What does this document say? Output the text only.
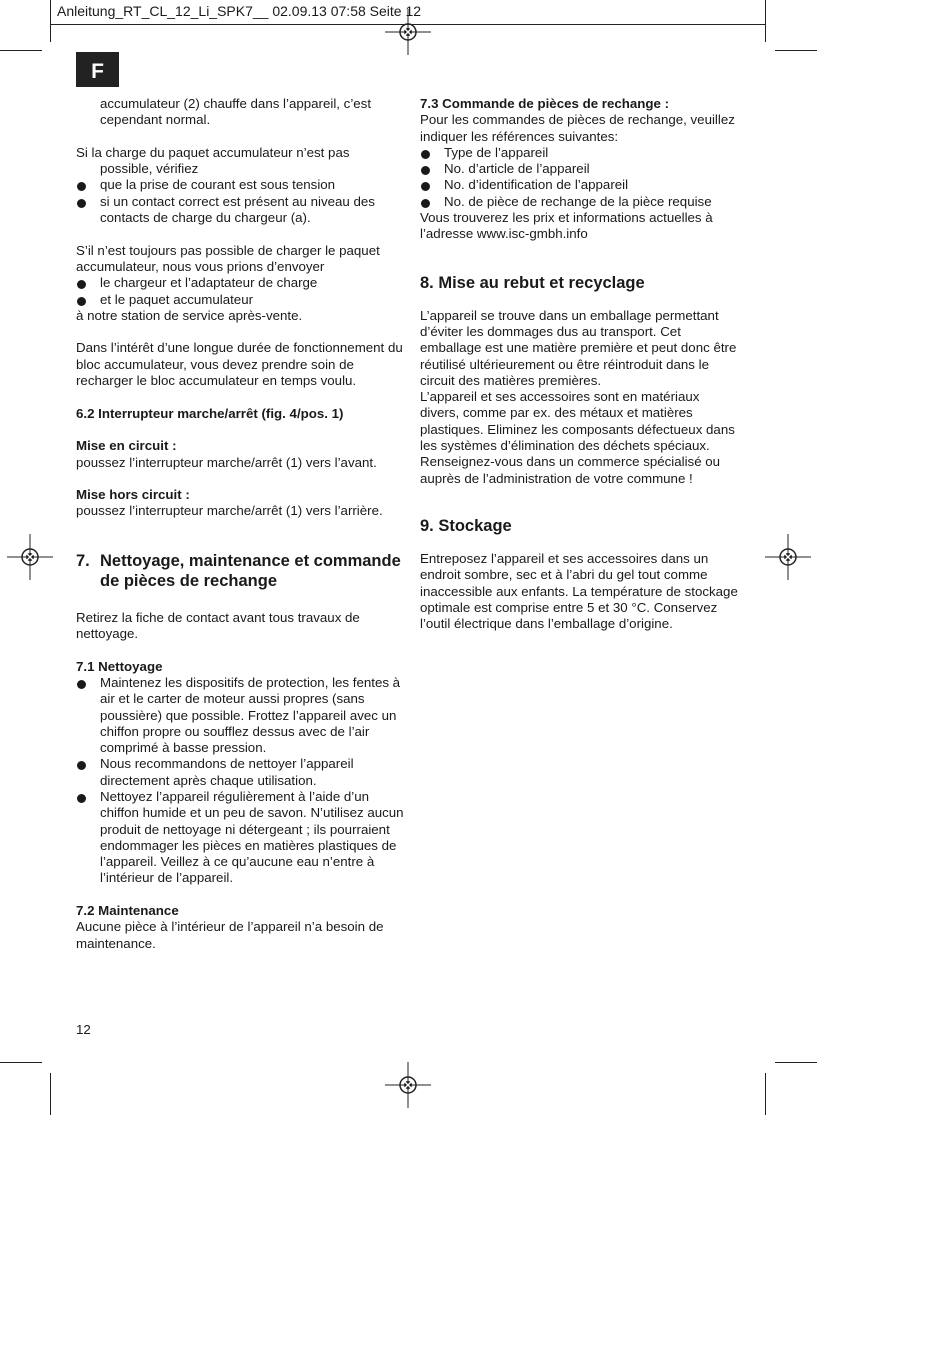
Anleitung_RT_CL_12_Li_SPK7__ 02.09.13 07:58 Seite 12
F

accumulateur (2) chauffe dans l’appareil, c’est

cependant normal.

Si la charge du paquet accumulateur n’est pas

possible, vérifiez

que la prise de courant est sous tension
si un contact correct est présent au niveau des contacts de charge du chargeur (a).

S’il n’est toujours pas possible de charger le paquet

accumulateur, nous vous prions d’envoyer

le chargeur et l’adaptateur de charge
et le paquet accumulateur

à notre station de service après-vente.

Dans l’intérêt d’une longue durée de fonctionnement du bloc accumulateur, vous devez prendre soin de recharger le bloc accumulateur en temps voulu.

6.2 Interrupteur marche/arrêt (fig. 4/pos. 1)

Mise en circuit :

poussez l’interrupteur marche/arrêt (1) vers l’avant.

Mise hors circuit :

poussez l’interrupteur marche/arrêt (1) vers l’arrière.

7. Nettoyage, maintenance et commande de pièces de rechange

Retirez la fiche de contact avant tous travaux de nettoyage.

7.1 Nettoyage

Maintenez les dispositifs de protection, les fentes à air et le carter de moteur aussi propres (sans poussière) que possible. Frottez l’appareil avec un chiffon propre ou soufflez dessus avec de l’air comprimé à basse pression.
Nous recommandons de nettoyer l’appareil directement après chaque utilisation.
Nettoyez l’appareil régulièrement à l’aide d’un chiffon humide et un peu de savon. N’utilisez aucun produit de nettoyage ni détergeant ; ils pourraient endommager les pièces en matières plastiques de l’appareil. Veillez à ce qu’aucune eau n’entre à l’intérieur de l’appareil.

7.2 Maintenance

Aucune pièce à l’intérieur de l’appareil n’a besoin de maintenance.

7.3 Commande de pièces de rechange :

Pour les commandes de pièces de rechange, veuillez indiquer les références suivantes:

Type de l’appareil
No. d’article de l’appareil
No. d’identification de l’appareil
No. de pièce de rechange de la pièce requise

Vous trouverez les prix et informations actuelles à l’adresse www.isc-gmbh.info

8. Mise au rebut et recyclage

L’appareil se trouve dans un emballage permettant d’éviter les dommages dus au transport. Cet emballage est une matière première et peut donc être réutilisé ultérieurement ou être réintroduit dans le circuit des matières premières.

L’appareil et ses accessoires sont en matériaux divers, comme par ex. des métaux et matières plastiques. Eliminez les composants défectueux dans les systèmes d’élimination des déchets spéciaux. Renseignez-vous dans un commerce spécialisé ou auprès de l’administration de votre commune !

9. Stockage

Entreposez l’appareil et ses accessoires dans un endroit sombre, sec et à l’abri du gel tout comme inaccessible aux enfants. La température de stockage optimale est comprise entre 5 et 30 °C. Conservez l’outil électrique dans l’emballage d’origine.

12
